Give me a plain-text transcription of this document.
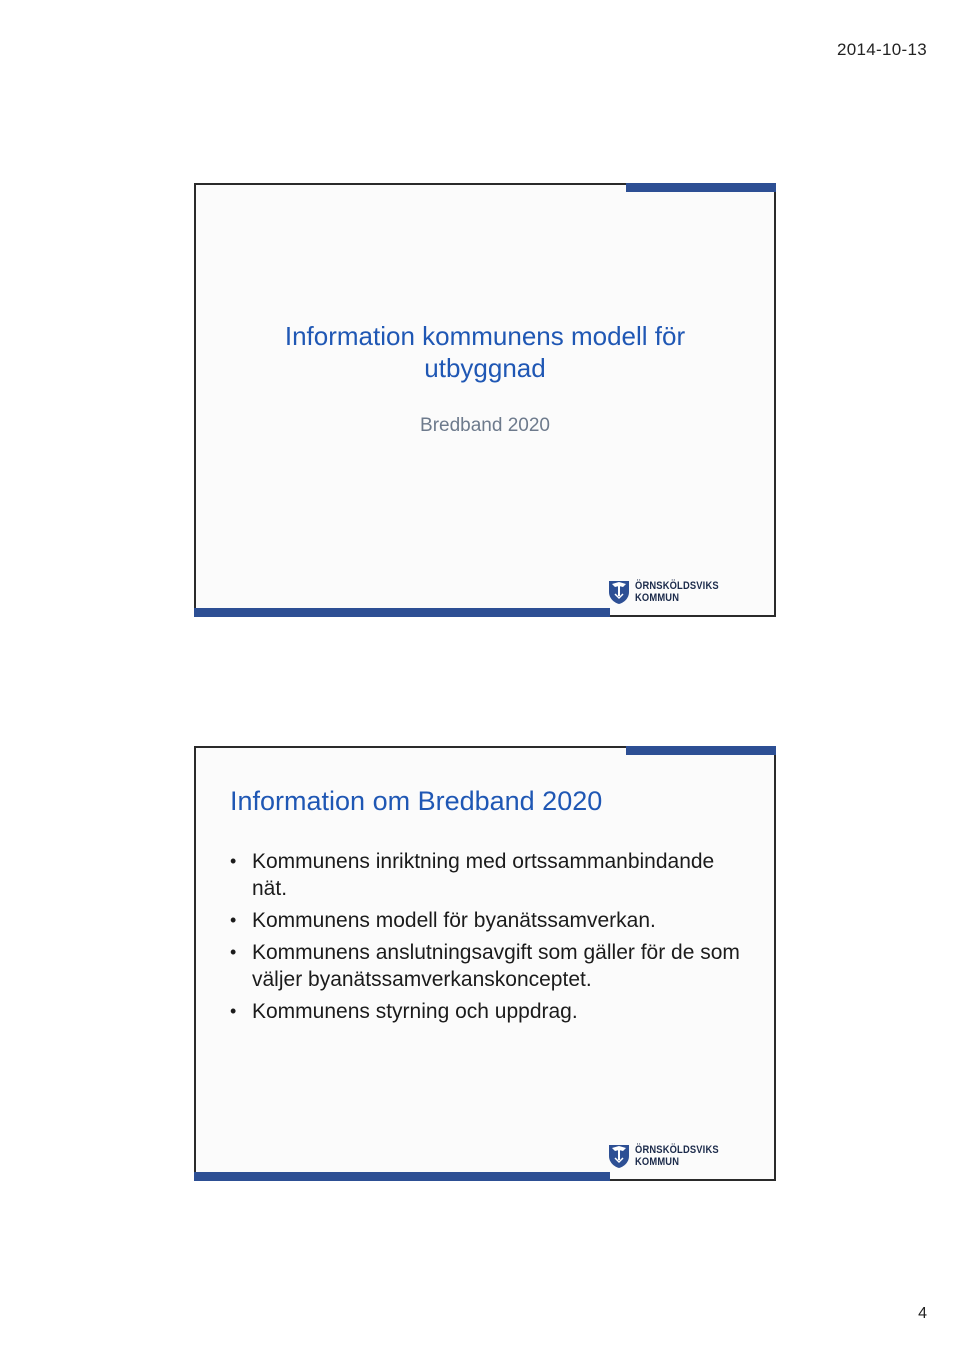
2014-10-13
Information kommunens modell för
utbyggnad
Bredband 2020
ÖRNSKÖLDSVIKS
KOMMUN
Information om Bredband 2020
• Kommunens inriktning med ortssammanbindande nät.
• Kommunens modell för byanätssamverkan.
• Kommunens anslutningsavgift som gäller för de som väljer byanätssamverkanskonceptet.
• Kommunens styrning och uppdrag.
ÖRNSKÖLDSVIKS
KOMMUN
4
